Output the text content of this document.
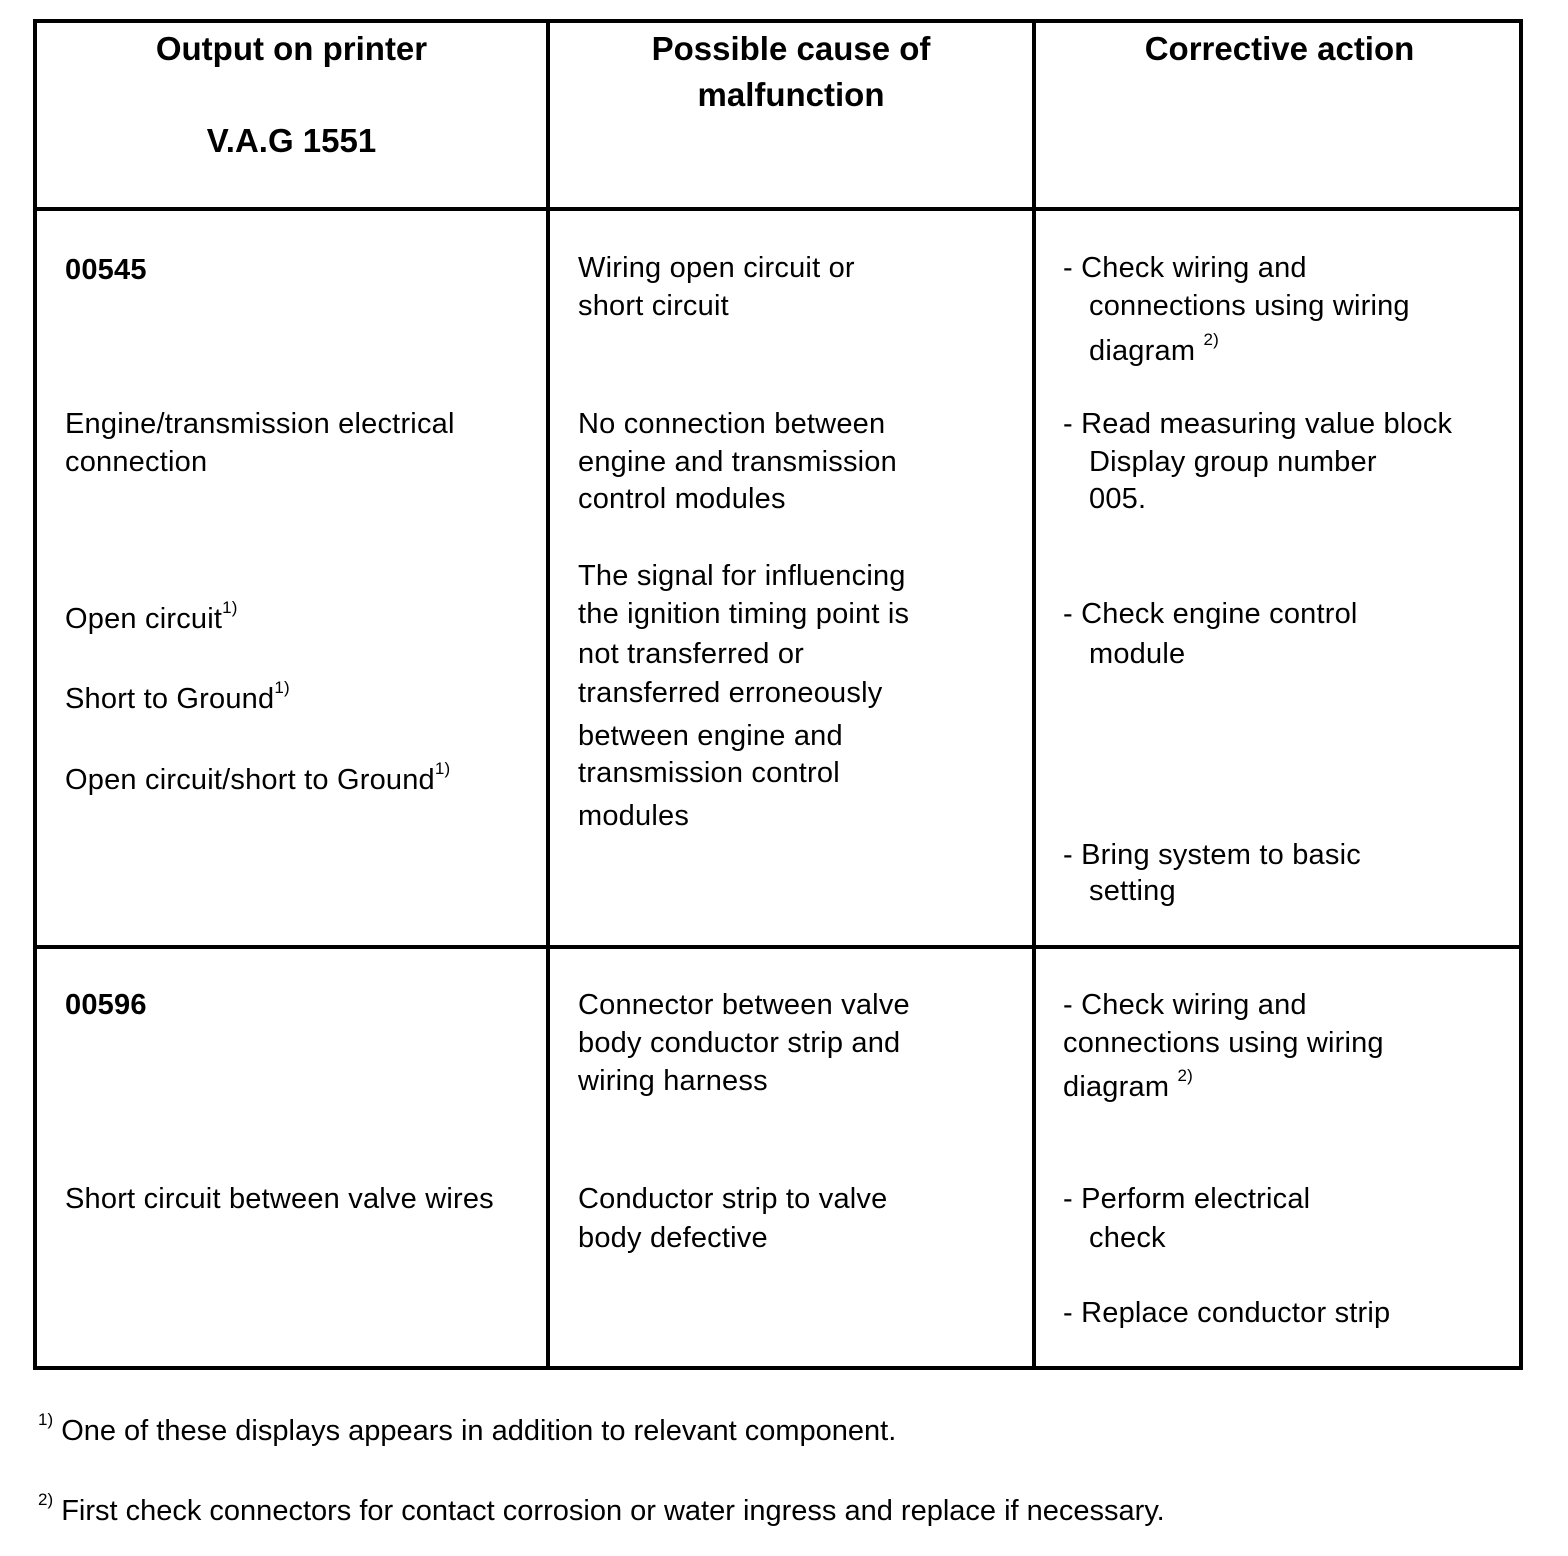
Output on printer
V.A.G 1551
Possible cause of
malfunction
Corrective action
00545
Engine/transmission electrical
connection
Open circuit$^{1)}$
Short to Ground$^{1)}$
Open circuit/short to Ground$^{1)}$
Wiring open circuit or
short circuit
No connection between
engine and transmission
control modules
The signal for influencing
the ignition timing point is
not transferred or
transferred erroneously
between engine and
transmission control
modules
- Check wiring and
connections using wiring
diagram $^{2)}$
- Read measuring value block
Display group number
005.
- Check engine control
module
- Bring system to basic
setting
00596
Short circuit between valve wires
Connector between valve
body conductor strip and
wiring harness
Conductor strip to valve
body defective
- Check wiring and
connections using wiring
diagram $^{2)}$
- Perform electrical
check
- Replace conductor strip
$^{1)}$ One of these displays appears in addition to relevant component.
$^{2)}$ First check connectors for contact corrosion or water ingress and replace if necessary.
